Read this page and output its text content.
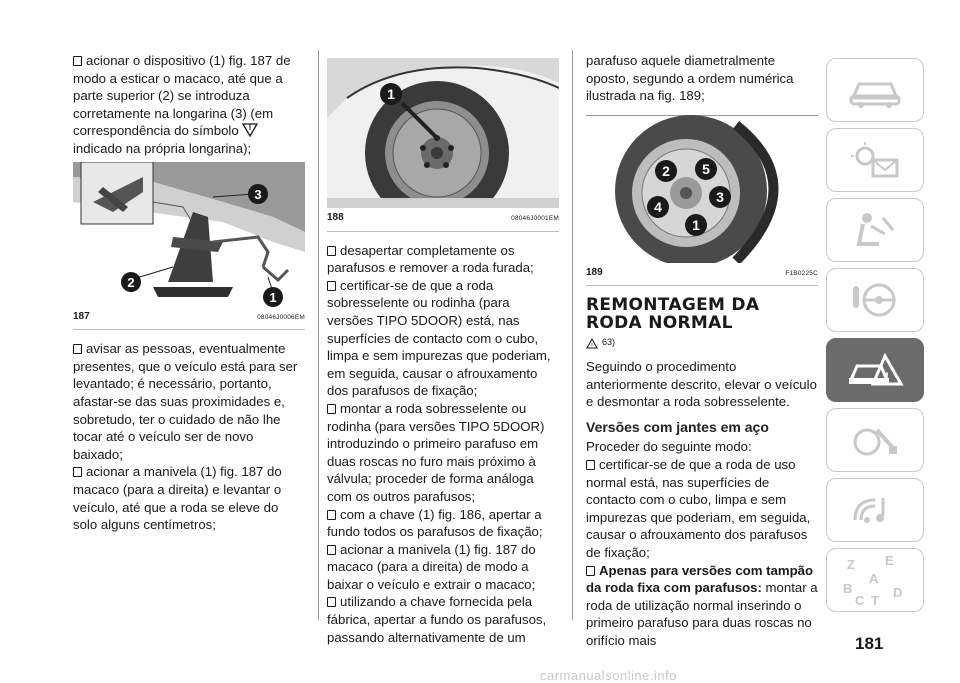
acionar o dispositivo (1) fig. 187 de modo a esticar o macaco, até que a parte superior (2) se introduza corretamente na longarina (3) (em correspondência do símbolo  indicado na própria longarina);

3
2
1
187	08046J0006EM

avisar as pessoas, eventualmente presentes, que o veículo está para ser levantado; é necessário, portanto, afastar-se das suas proximidades e, sobretudo, ter o cuidado de não lhe tocar até o veículo ser de novo baixado;

acionar a manivela (1) fig. 187 do macaco (para a direita) e levantar o veículo, até que a roda se eleve do solo alguns centímetros;

1
188	08046J0001EM

desapertar completamente os parafusos e remover a roda furada;

certificar-se de que a roda sobresselente ou rodinha (para versões TIPO 5DOOR) está, nas superfícies de contacto com o cubo, limpa e sem impurezas que poderiam, em seguida, causar o afrouxamento dos parafusos de fixação;

montar a roda sobresselente ou rodinha (para versões TIPO 5DOOR) introduzindo o primeiro parafuso em duas roscas no furo mais próximo à válvula; proceder de forma análoga com os outros parafusos;

com a chave (1) fig. 186, apertar a fundo todos os parafusos de fixação;

acionar a manivela (1) fig. 187 do macaco (para a direita) de modo a baixar o veículo e extrair o macaco;

utilizando a chave fornecida pela fábrica, apertar a fundo os parafusos, passando alternativamente de um

parafuso aquele diametralmente oposto, segundo a ordem numérica ilustrada na fig. 189;

2 5
3
4
1
189	F1B0225C
REMONTAGEM DA RODA NORMAL
! 63)

Seguindo o procedimento anteriormente descrito, elevar o veículo e desmontar a roda sobresselente.

Versões com jantes em aço

Proceder do seguinte modo:

certificar-se de que a roda de uso normal está, nas superfícies de contacto com o cubo, limpa e sem impurezas que poderiam, em seguida, causar o afrouxamento dos parafusos de fixação;

Apenas para versões com tampão da roda fixa com parafusos: montar a roda de utilização normal inserindo o primeiro parafuso para duas roscas no orifício mais

!
Z E
B
A
C T
D
181
carmanualsonline.info
